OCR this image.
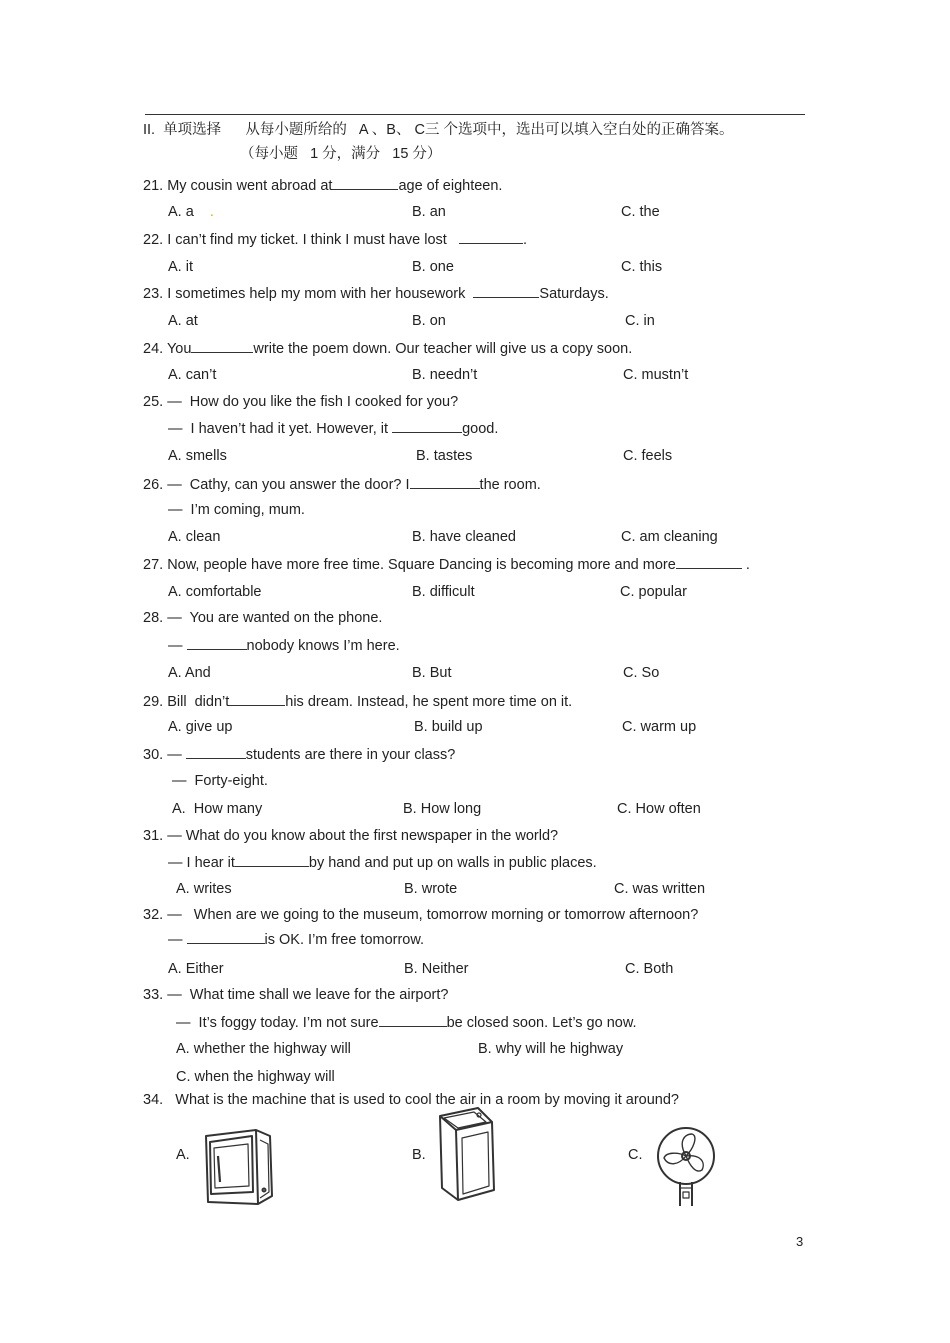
II.  单项选择      从每小题所给的   A 、B、 C三 个选项中，选出可以填入空白处的正确答案。
（每小题   1 分，满分   15 分）
21. My cousin went abroad at	age of eighteen.
A. a    .	B. an	C. the
22. I can’t find my ticket. I think I must have lost	.
A. it	B. one	C. this
23. I sometimes help my mom with her housework	Saturdays.
A. at	B. on	C. in
24. You	write the poem down. Our teacher will give us a copy soon.
A. can’t	B. needn’t	C. mustn’t
25. —  How do you like the fish I cooked for you?
—  I haven’t had it yet. However, it	good.
A. smells	B. tastes	C. feels
26. —  Cathy, can you answer the door? I	the room.
—  I’m coming, mum.
A. clean	B. have cleaned	C. am cleaning
27. Now, people have more free time. Square Dancing is becoming more and more	.
A. comfortable	B. difficult	C. popular
28. —  You are wanted on the phone.
—	nobody knows I’m here.
A. And	B. But	C. So
29. Bill  didn’t	his dream. Instead, he spent more time on it.
A. give up	B. build up	C. warm up
30. —	students are there in your class?
—  Forty-eight.
A.  How many	B. How long	C. How often
31. — What do you know about the first newspaper in the world?
— I hear it	by hand and put up on walls in public places.
A. writes	B. wrote	C. was written
32. —   When are we going to the museum, tomorrow morning or tomorrow afternoon?
—	is OK. I’m free tomorrow.
A. Either	B. Neither	C. Both
33. —  What time shall we leave for the airport?
—  It’s foggy today. I’m not sure	be closed soon. Let’s go now.
A. whether the highway will	B. why will he highway
C. when the highway will
34. What is the machine that is used to cool the air in a room by moving it around?
A.	B.	C.
3
